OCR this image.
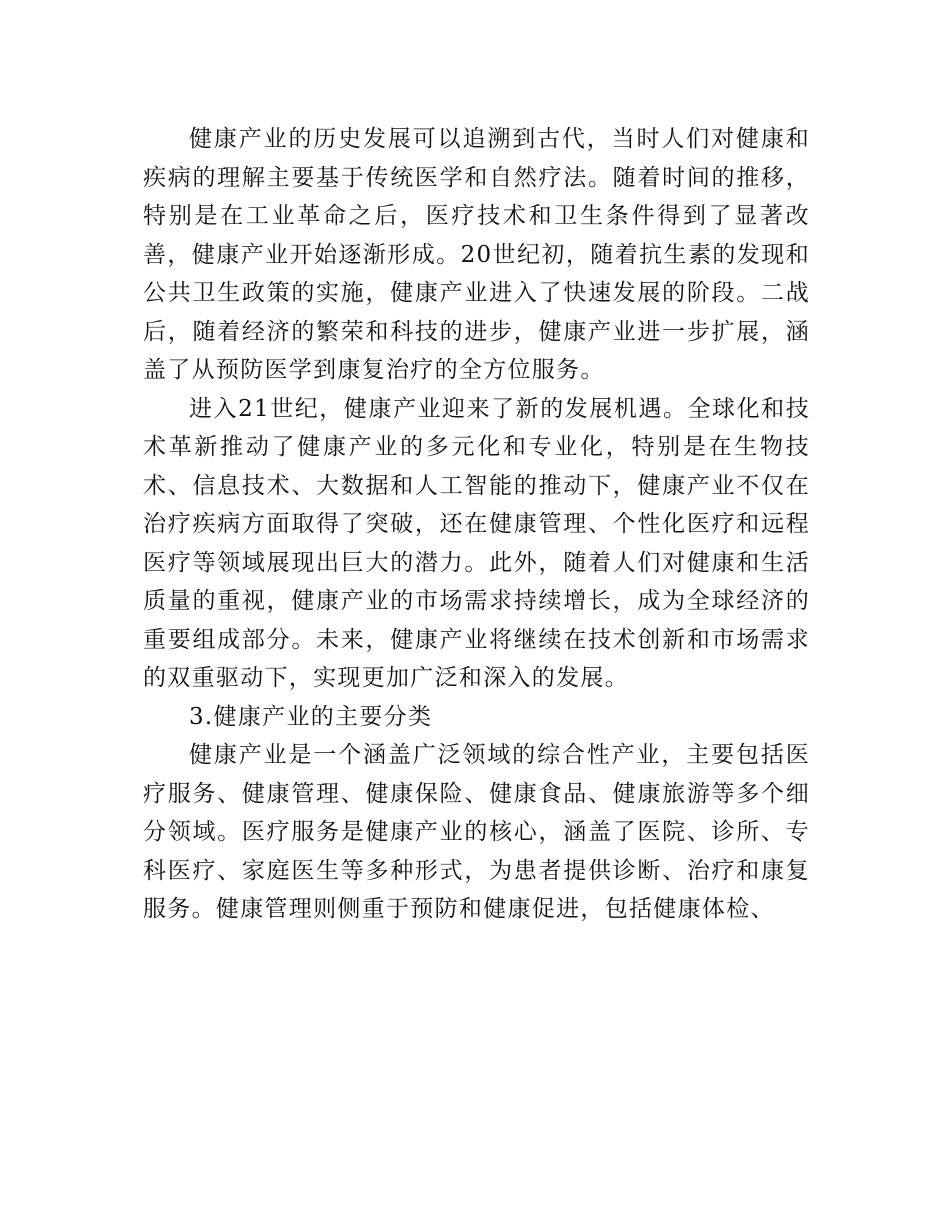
健康产业的历史发展可以追溯到古代，当时人们对健康和疾病的理解主要基于传统医学和自然疗法。随着时间的推移，特别是在工业革命之后，医疗技术和卫生条件得到了显著改善，健康产业开始逐渐形成。20世纪初，随着抗生素的发现和公共卫生政策的实施，健康产业进入了快速发展的阶段。二战后，随着经济的繁荣和科技的进步，健康产业进一步扩展，涵盖了从预防医学到康复治疗的全方位服务。

进入21世纪，健康产业迎来了新的发展机遇。全球化和技术革新推动了健康产业的多元化和专业化，特别是在生物技术、信息技术、大数据和人工智能的推动下，健康产业不仅在治疗疾病方面取得了突破，还在健康管理、个性化医疗和远程医疗等领域展现出巨大的潜力。此外，随着人们对健康和生活质量的重视，健康产业的市场需求持续增长，成为全球经济的重要组成部分。未来，健康产业将继续在技术创新和市场需求的双重驱动下，实现更加广泛和深入的发展。

3.健康产业的主要分类

健康产业是一个涵盖广泛领域的综合性产业，主要包括医疗服务、健康管理、健康保险、健康食品、健康旅游等多个细分领域。医疗服务是健康产业的核心，涵盖了医院、诊所、专科医疗、家庭医生等多种形式，为患者提供诊断、治疗和康复服务。健康管理则侧重于预防和健康促进，包括健康体检、
